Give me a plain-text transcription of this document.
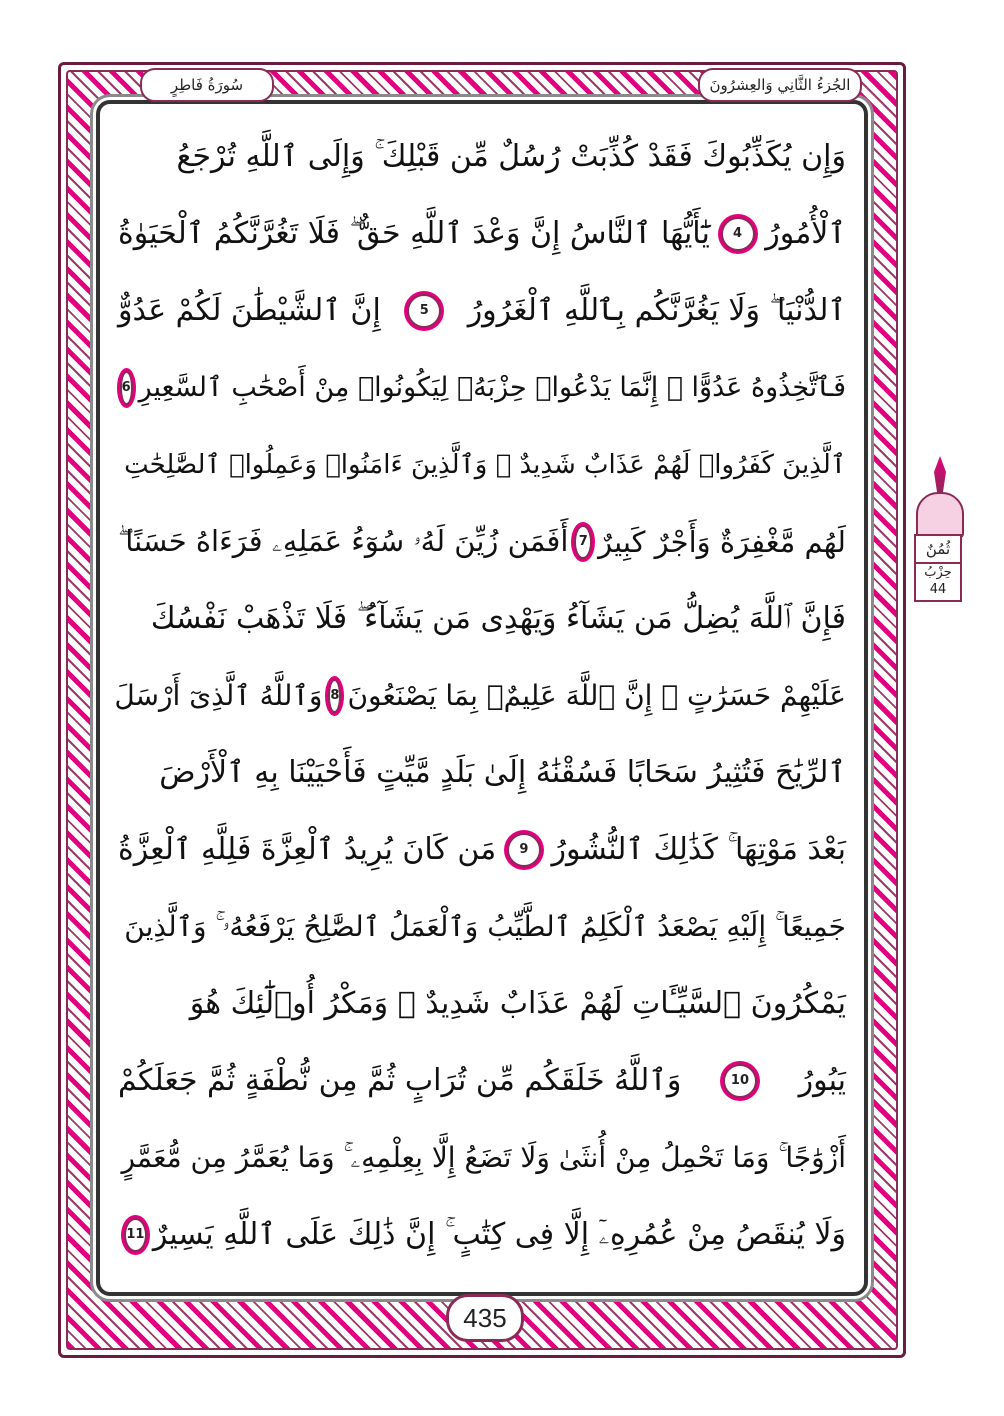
الجُزءُ الثَّانِي وَالعِشرُونَ
سُورَةُ فَاطِرٍ
وَإِن يُكَذِّبُوكَ فَقَدْ كُذِّبَتْ رُسُلٌ مِّن قَبْلِكَ ۚ وَإِلَى ٱللَّهِ تُرْجَعُ
ٱلْأُمُورُ
4
يَٰٓأَيُّهَا ٱلنَّاسُ إِنَّ وَعْدَ ٱللَّهِ حَقٌّ ۖ فَلَا تَغُرَّنَّكُمُ ٱلْحَيَوٰةُ
ٱلدُّنْيَا ۖ وَلَا يَغُرَّنَّكُم بِٱللَّهِ ٱلْغَرُورُ
5
إِنَّ ٱلشَّيْطَٰنَ لَكُمْ عَدُوٌّ
فَٱتَّخِذُوهُ عَدُوًّا ۚ إِنَّمَا يَدْعُوا۟ حِزْبَهُۥ لِيَكُونُوا۟ مِنْ أَصْحَٰبِ ٱلسَّعِيرِ
6
ٱلَّذِينَ كَفَرُوا۟ لَهُمْ عَذَابٌ شَدِيدٌ ۖ وَٱلَّذِينَ ءَامَنُوا۟ وَعَمِلُوا۟ ٱلصَّٰلِحَٰتِ
لَهُم مَّغْفِرَةٌ وَأَجْرٌ كَبِيرٌ
7
أَفَمَن زُيِّنَ لَهُۥ سُوٓءُ عَمَلِهِۦ فَرَءَاهُ حَسَنًا ۖ
فَإِنَّ ٱللَّهَ يُضِلُّ مَن يَشَآءُ وَيَهْدِى مَن يَشَآءُ ۖ فَلَا تَذْهَبْ نَفْسُكَ
عَلَيْهِمْ حَسَرَٰتٍ ۚ إِنَّ ٱللَّهَ عَلِيمٌۢ بِمَا يَصْنَعُونَ
8
وَٱللَّهُ ٱلَّذِىٓ أَرْسَلَ
ٱلرِّيَٰحَ فَتُثِيرُ سَحَابًا فَسُقْنَٰهُ إِلَىٰ بَلَدٍ مَّيِّتٍ فَأَحْيَيْنَا بِهِ ٱلْأَرْضَ
بَعْدَ مَوْتِهَا ۚ كَذَٰلِكَ ٱلنُّشُورُ
9
مَن كَانَ يُرِيدُ ٱلْعِزَّةَ فَلِلَّهِ ٱلْعِزَّةُ
جَمِيعًا ۚ إِلَيْهِ يَصْعَدُ ٱلْكَلِمُ ٱلطَّيِّبُ وَٱلْعَمَلُ ٱلصَّٰلِحُ يَرْفَعُهُۥ ۚ وَٱلَّذِينَ
يَمْكُرُونَ ٱلسَّيِّـَٔاتِ لَهُمْ عَذَابٌ شَدِيدٌ ۖ وَمَكْرُ أُو۟لَٰٓئِكَ هُوَ
يَبُورُ
10
وَٱللَّهُ خَلَقَكُم مِّن تُرَابٍ ثُمَّ مِن نُّطْفَةٍ ثُمَّ جَعَلَكُمْ
أَزْوَٰجًا ۚ وَمَا تَحْمِلُ مِنْ أُنثَىٰ وَلَا تَضَعُ إِلَّا بِعِلْمِهِۦ ۚ وَمَا يُعَمَّرُ مِن مُّعَمَّرٍ
وَلَا يُنقَصُ مِنْ عُمُرِهِۦٓ إِلَّا فِى كِتَٰبٍ ۚ إِنَّ ذَٰلِكَ عَلَى ٱللَّهِ يَسِيرٌ
11
ثُمُنٌ
حِزْبُ
44
435
